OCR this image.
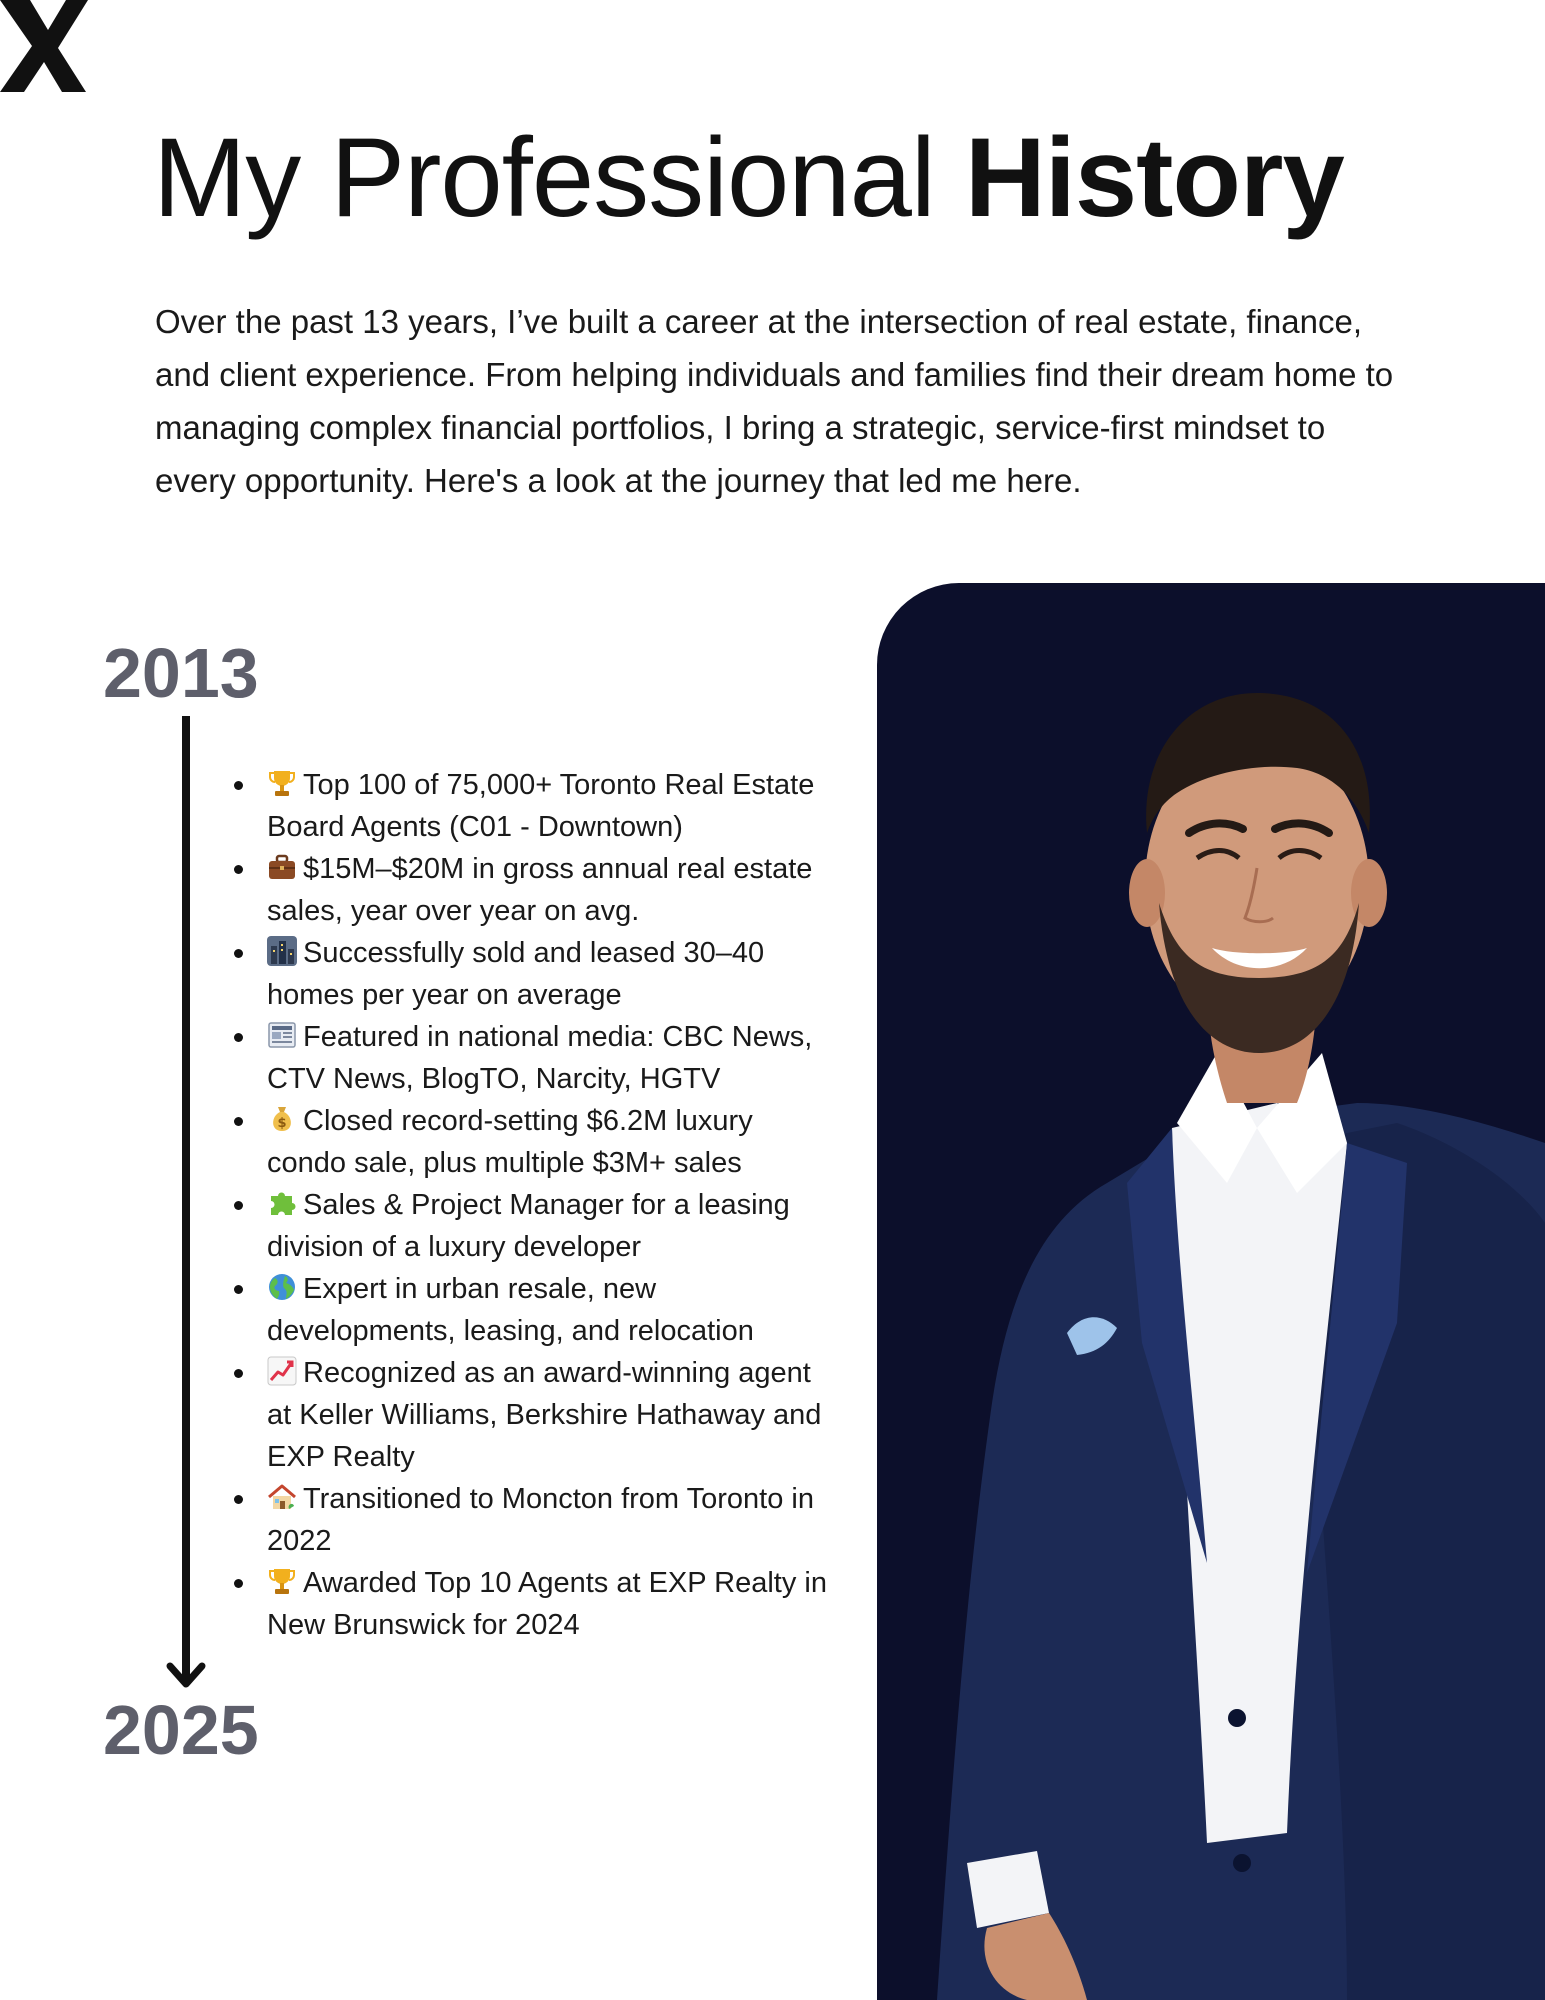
My Professional History

Over the past 13 years, I’ve built a career at the intersection of real estate, finance, and client experience. From helping individuals and families find their dream home to managing complex financial portfolios, I bring a strategic, service-first mindset to every opportunity. Here's a look at the journey that led me here.

2013
2025
Top 100 of 75,000+ Toronto Real Estate Board Agents (C01 - Downtown)
$15M–$20M in gross annual real estate sales, year over year on avg.
Successfully sold and leased 30–40 homes per year on average
Featured in national media: CBC News, CTV News, BlogTO, Narcity, HGTV
$ Closed record-setting $6.2M luxury condo sale, plus multiple $3M+ sales
Sales & Project Manager for a leasing division of a luxury developer
Expert in urban resale, new developments, leasing, and relocation
Recognized as an award-winning agent at Keller Williams, Berkshire Hathaway and EXP Realty
Transitioned to Moncton from Toronto in 2022
Awarded Top 10 Agents at EXP Realty in New Brunswick for 2024
